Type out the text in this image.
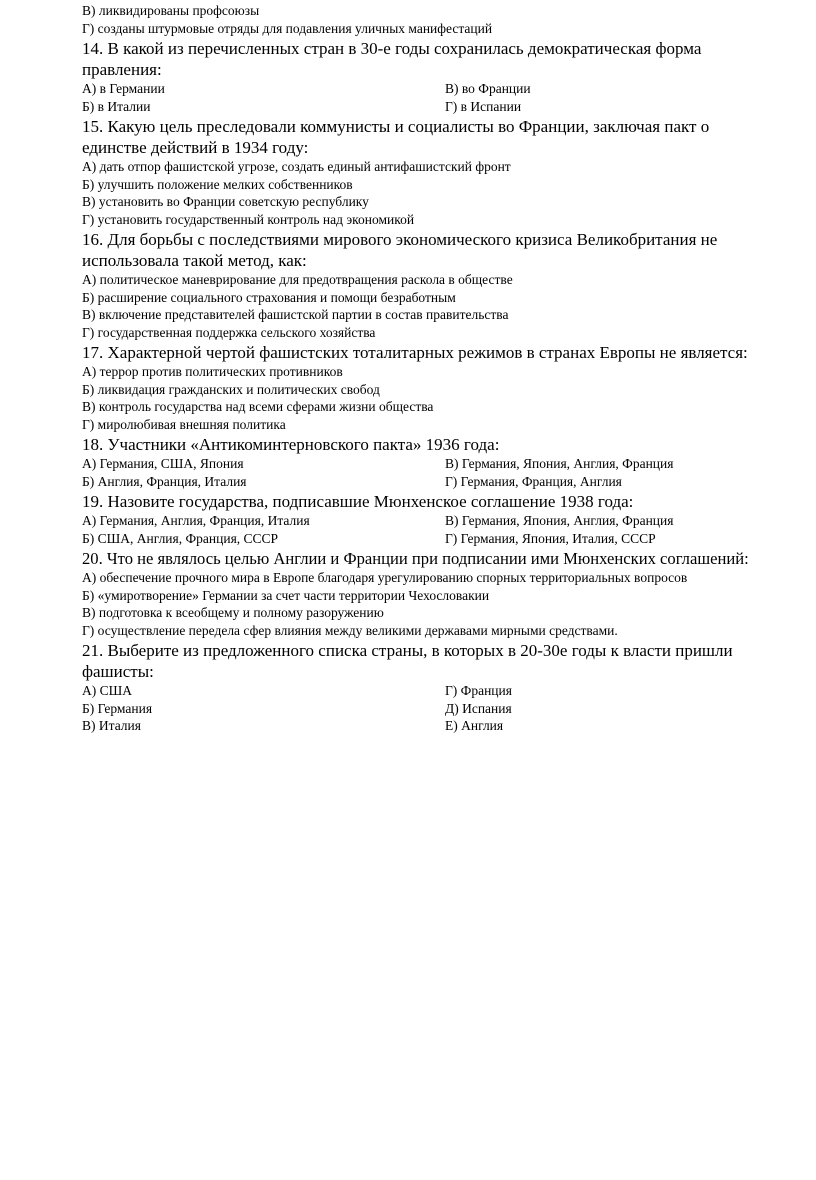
В) ликвидированы профсоюзы
Г) созданы штурмовые отряды для подавления уличных манифестаций
14. В какой из перечисленных стран в 30-е годы сохранилась демократическая форма правления:
А) в Германии	В) во Франции
Б) в Италии	Г) в Испании
15. Какую цель преследовали коммунисты и социалисты во Франции, заключая пакт о единстве действий в 1934 году:
А) дать отпор фашистской угрозе, создать единый антифашистский фронт
Б) улучшить положение мелких собственников
В) установить во Франции советскую республику
Г) установить государственный контроль над экономикой
16. Для борьбы с последствиями мирового экономического кризиса Великобритания не использовала такой метод, как:
А) политическое маневрирование для предотвращения раскола в обществе
Б) расширение социального страхования и помощи безработным
В) включение представителей фашистской партии в состав правительства
Г) государственная поддержка сельского хозяйства
17. Характерной чертой фашистских тоталитарных режимов в странах Европы не является:
А) террор против политических противников
Б) ликвидация гражданских и политических свобод
В) контроль государства над всеми сферами жизни общества
Г) миролюбивая внешняя политика
18. Участники «Антикоминтерновского пакта» 1936 года:
А) Германия, США, Япония	В) Германия, Япония, Англия, Франция
Б) Англия, Франция, Италия	Г) Германия, Франция, Англия
19. Назовите государства, подписавшие Мюнхенское соглашение 1938 года:
А) Германия, Англия, Франция, Италия	В) Германия, Япония, Англия, Франция
Б) США, Англия, Франция, СССР	Г) Германия, Япония, Италия, СССР
20. Что не являлось целью Англии и Франции при подписании ими Мюнхенских соглашений:
А) обеспечение прочного мира в Европе благодаря урегулированию спорных территориальных вопросов
Б) «умиротворение» Германии за счет части территории Чехословакии
В) подготовка к всеобщему и полному разоружению
Г) осуществление передела сфер влияния между великими державами мирными средствами.
21. Выберите из предложенного списка страны, в которых в 20-30е годы к власти пришли фашисты:
А) США	Г) Франция
Б) Германия	Д) Испания
В) Италия	Е) Англия
